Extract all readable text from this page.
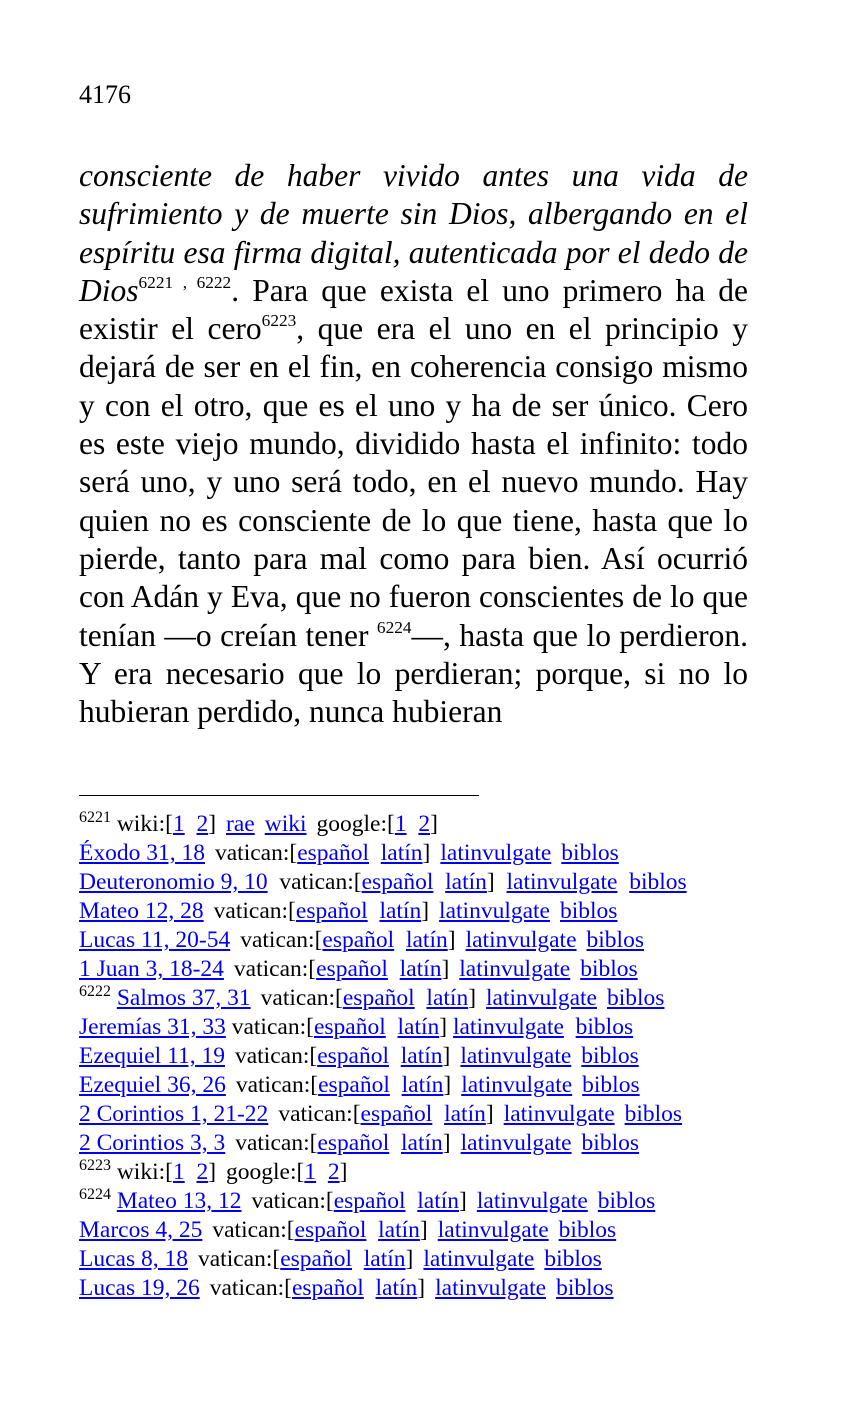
4176
consciente de haber vivido antes una vida de sufrimiento y de muerte sin Dios, albergando en el espíritu esa firma digital, autenticada por el dedo de Dios$^{6221 , 6222}$. Para que exista el uno primero ha de existir el cero$^{6223}$, que era el uno en el principio y dejará de ser en el fin, en coherencia consigo mismo y con el otro, que es el uno y ha de ser único. Cero es este viejo mundo, dividido hasta el infinito: todo será uno, y uno será todo, en el nuevo mundo. Hay quien no es consciente de lo que tiene, hasta que lo pierde, tanto para mal como para bien. Así ocurrió con Adán y Eva, que no fueron conscientes de lo que tenían —o creían tener $^{6224}$—, hasta que lo perdieron. Y era necesario que lo perdieran; porque, si no lo hubieran perdido, nunca hubieran
$^{6221}$ wiki:[1 2] rae wiki google:[1 2]
Éxodo 31, 18 vatican:[español latín] latinvulgate biblos
Deuteronomio 9, 10 vatican:[español latín] latinvulgate biblos
Mateo 12, 28 vatican:[español latín] latinvulgate biblos
Lucas 11, 20-54 vatican:[español latín] latinvulgate biblos
1 Juan 3, 18-24 vatican:[español latín] latinvulgate biblos
$^{6222}$ Salmos 37, 31 vatican:[español latín] latinvulgate biblos
Jeremías 31, 33 vatican:[español latín] latinvulgate biblos
Ezequiel 11, 19 vatican:[español latín] latinvulgate biblos
Ezequiel 36, 26 vatican:[español latín] latinvulgate biblos
2 Corintios 1, 21-22 vatican:[español latín] latinvulgate biblos
2 Corintios 3, 3 vatican:[español latín] latinvulgate biblos
$^{6223}$ wiki:[1 2] google:[1 2]
$^{6224}$ Mateo 13, 12 vatican:[español latín] latinvulgate biblos
Marcos 4, 25 vatican:[español latín] latinvulgate biblos
Lucas 8, 18 vatican:[español latín] latinvulgate biblos
Lucas 19, 26 vatican:[español latín] latinvulgate biblos
